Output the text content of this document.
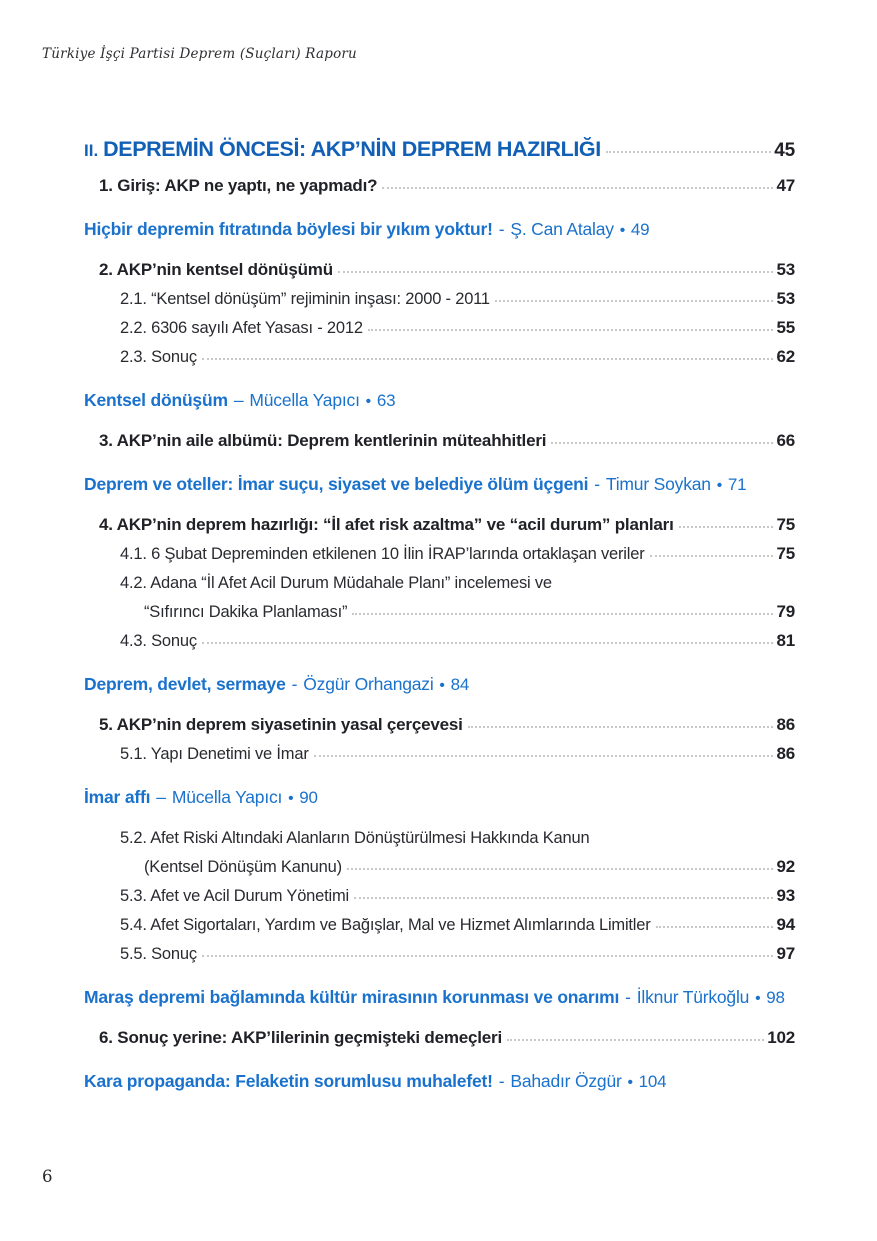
Türkiye İşçi Partisi Deprem (Suçları) Raporu
II. DEPREMİN ÖNCESİ: AKP’NİN DEPREM HAZIRLIĞI	45
1. Giriş: AKP ne yaptı, ne yapmadı?	47
Hiçbir depremin fıtratında böylesi bir yıkım yoktur! - Ş. Can Atalay • 49
2. AKP’nin kentsel dönüşümü	53
2.1. “Kentsel dönüşüm” rejiminin inşası: 2000 - 2011	53
2.2. 6306 sayılı Afet Yasası - 2012	55
2.3. Sonuç	62
Kentsel dönüşüm – Mücella Yapıcı • 63
3. AKP’nin aile albümü: Deprem kentlerinin müteahhitleri	66
Deprem ve oteller: İmar suçu, siyaset ve belediye ölüm üçgeni - Timur Soykan • 71
4. AKP’nin deprem hazırlığı: “İl afet risk azaltma” ve “acil durum” planları	75
4.1. 6 Şubat Depreminden etkilenen 10 İlin İRAP’larında ortaklaşan veriler	75
4.2. Adana “İl Afet Acil Durum Müdahale Planı” incelemesi ve
“Sıfırıncı Dakika Planlaması”	79
4.3. Sonuç	81
Deprem, devlet, sermaye - Özgür Orhangazi • 84
5. AKP’nin deprem siyasetinin yasal çerçevesi	86
5.1. Yapı Denetimi ve İmar	86
İmar affı – Mücella Yapıcı • 90
5.2. Afet Riski Altındaki Alanların Dönüştürülmesi Hakkında Kanun
(Kentsel Dönüşüm Kanunu)	92
5.3. Afet ve Acil Durum Yönetimi	93
5.4. Afet Sigortaları, Yardım ve Bağışlar, Mal ve Hizmet Alımlarında Limitler	94
5.5. Sonuç	97
Maraş depremi bağlamında kültür mirasının korunması ve onarımı - İlknur Türkoğlu • 98
6. Sonuç yerine: AKP’lilerinin geçmişteki demeçleri	102
Kara propaganda: Felaketin sorumlusu muhalefet! - Bahadır Özgür • 104
6
